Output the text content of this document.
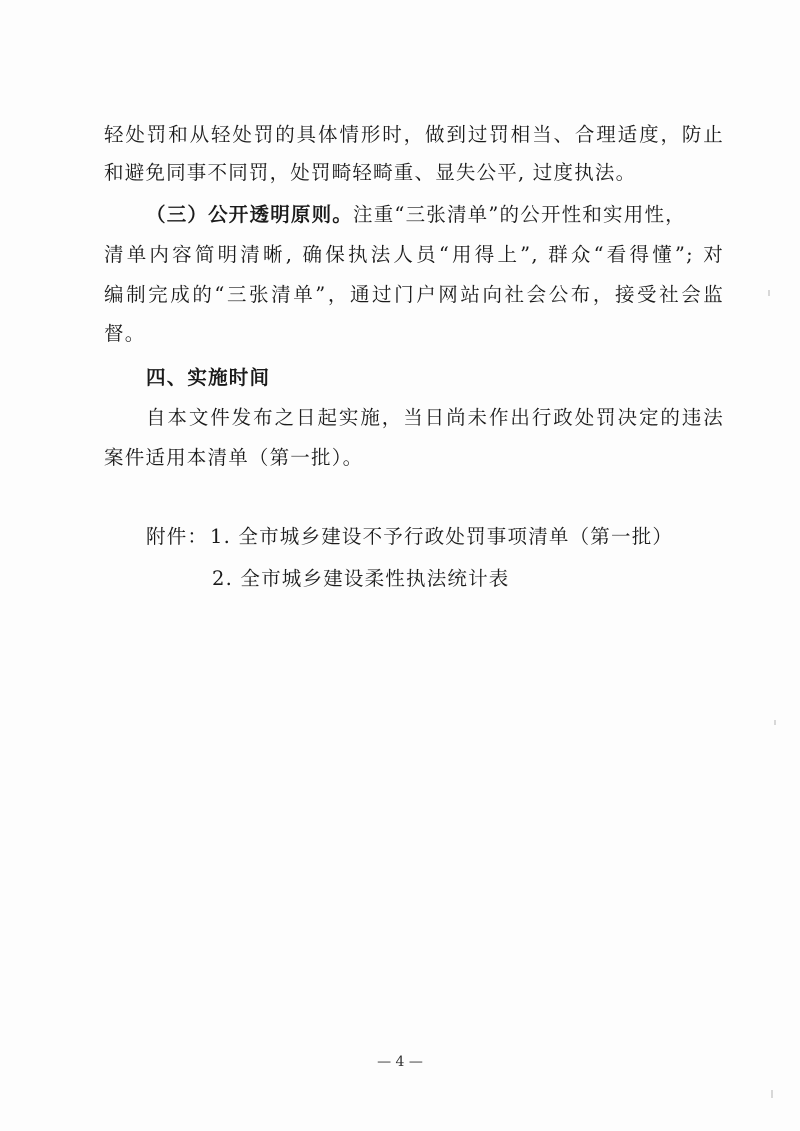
轻处罚和从轻处罚的具体情形时，做到过罚相当、合理适度，防止
和避免同事不同罚，处罚畸轻畸重、显失公平, 过度执法。
（三）公开透明原则。注重“三张清单”的公开性和实用性，
清单内容简明清晰, 确保执法人员“用得上”, 群众“看得懂”; 对
编制完成的“三张清单”，通过门户网站向社会公布，接受社会监
督。
四、实施时间
自本文件发布之日起实施，当日尚未作出行政处罚决定的违法
案件适用本清单（第一批）。
附件： 1. 全市城乡建设不予行政处罚事项清单（第一批）
2. 全市城乡建设柔性执法统计表
— 4 —
